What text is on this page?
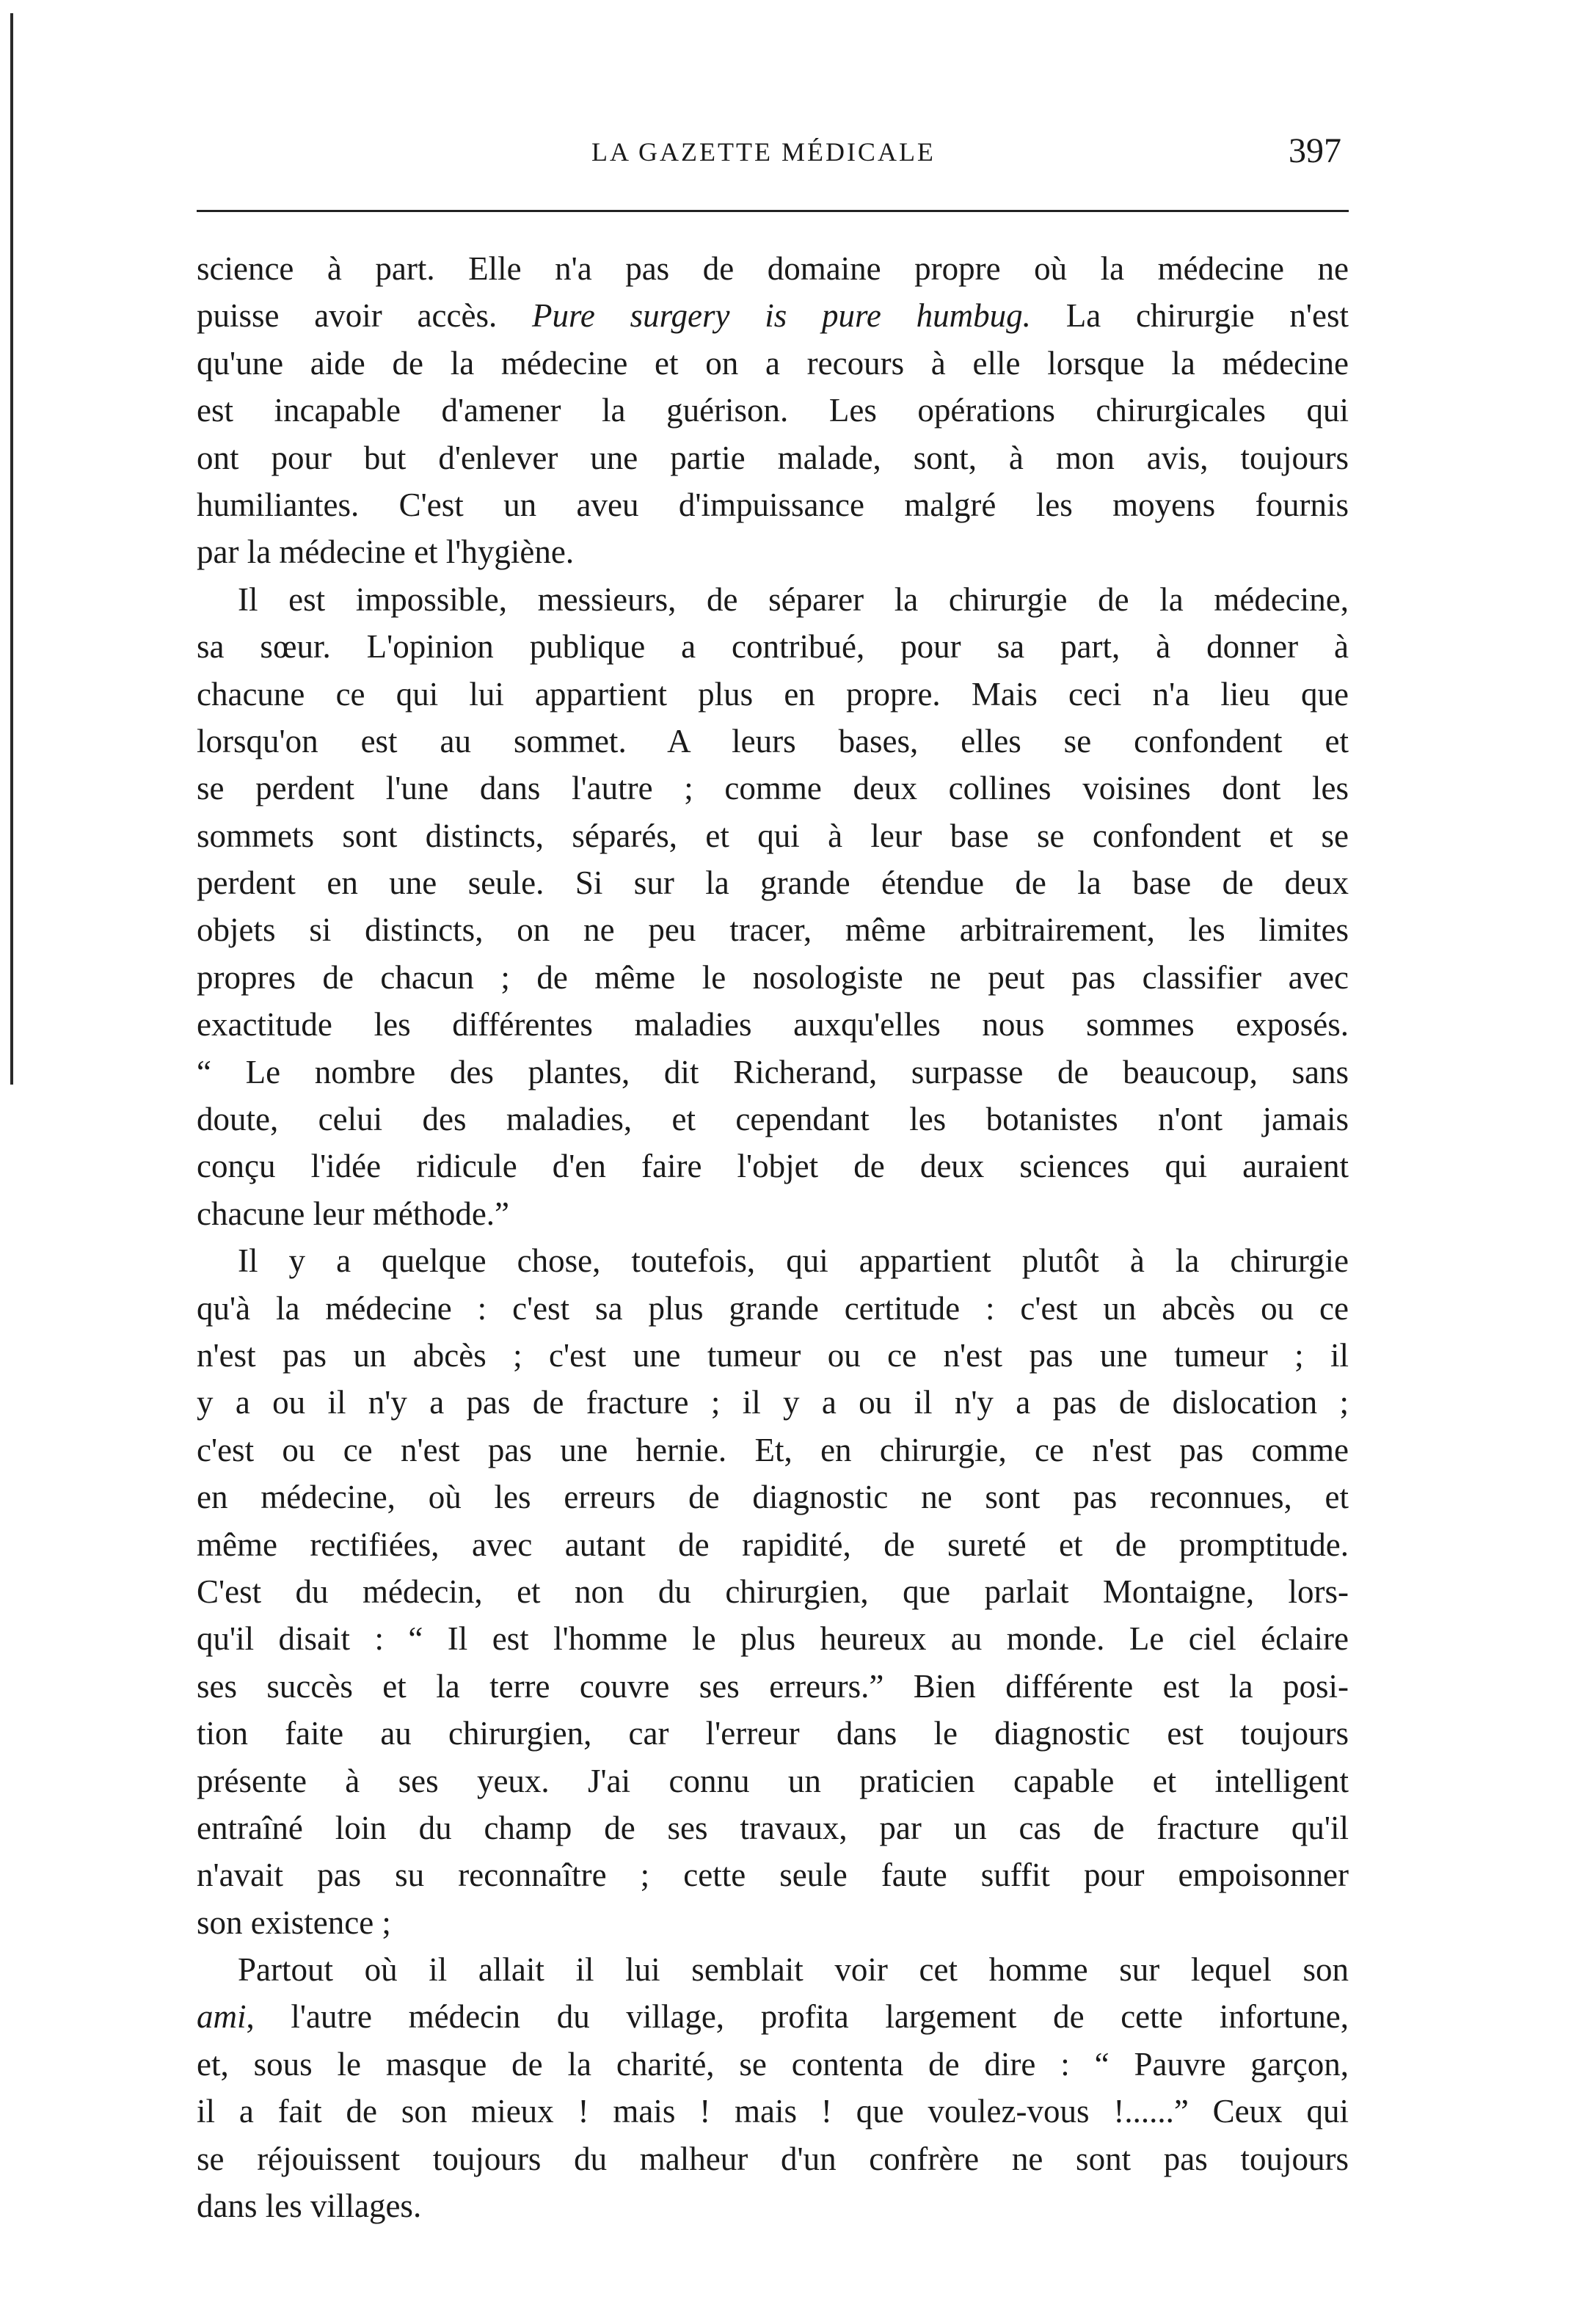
LA GAZETTE MÉDICALE	397
science à part. Elle n'a pas de domaine propre où la médecine ne
puisse avoir accès. Pure surgery is pure humbug. La chirurgie n'est
qu'une aide de la médecine et on a recours à elle lorsque la médecine
est incapable d'amener la guérison. Les opérations chirurgicales qui
ont pour but d'enlever une partie malade, sont, à mon avis, toujours
humiliantes. C'est un aveu d'impuissance malgré les moyens fournis
par la médecine et l'hygiène.
Il est impossible, messieurs, de séparer la chirurgie de la médecine,
sa sœur. L'opinion publique a contribué, pour sa part, à donner à
chacune ce qui lui appartient plus en propre. Mais ceci n'a lieu que
lorsqu'on est au sommet. A leurs bases, elles se confondent et
se perdent l'une dans l'autre ; comme deux collines voisines dont les
sommets sont distincts, séparés, et qui à leur base se confondent et se
perdent en une seule. Si sur la grande étendue de la base de deux
objets si distincts, on ne peu tracer, même arbitrairement, les limites
propres de chacun ; de même le nosologiste ne peut pas classifier avec
exactitude les différentes maladies auxqu'elles nous sommes exposés.
“ Le nombre des plantes, dit Richerand, surpasse de beaucoup, sans
doute, celui des maladies, et cependant les botanistes n'ont jamais
conçu l'idée ridicule d'en faire l'objet de deux sciences qui auraient
chacune leur méthode.”
Il y a quelque chose, toutefois, qui appartient plutôt à la chirurgie
qu'à la médecine : c'est sa plus grande certitude : c'est un abcès ou ce
n'est pas un abcès ; c'est une tumeur ou ce n'est pas une tumeur ; il
y a ou il n'y a pas de fracture ; il y a ou il n'y a pas de dislocation ;
c'est ou ce n'est pas une hernie. Et, en chirurgie, ce n'est pas comme
en médecine, où les erreurs de diagnostic ne sont pas reconnues, et
même rectifiées, avec autant de rapidité, de sureté et de promptitude.
C'est du médecin, et non du chirurgien, que parlait Montaigne, lors-
qu'il disait : “ Il est l'homme le plus heureux au monde. Le ciel éclaire
ses succès et la terre couvre ses erreurs.” Bien différente est la posi-
tion faite au chirurgien, car l'erreur dans le diagnostic est toujours
présente à ses yeux. J'ai connu un praticien capable et intelligent
entraîné loin du champ de ses travaux, par un cas de fracture qu'il
n'avait pas su reconnaître ; cette seule faute suffit pour empoisonner
son existence ;
Partout où il allait il lui semblait voir cet homme sur lequel son
ami, l'autre médecin du village, profita largement de cette infortune,
et, sous le masque de la charité, se contenta de dire : “ Pauvre garçon,
il a fait de son mieux ! mais ! mais ! que voulez-vous !......” Ceux qui
se réjouissent toujours du malheur d'un confrère ne sont pas toujours
dans les villages.
